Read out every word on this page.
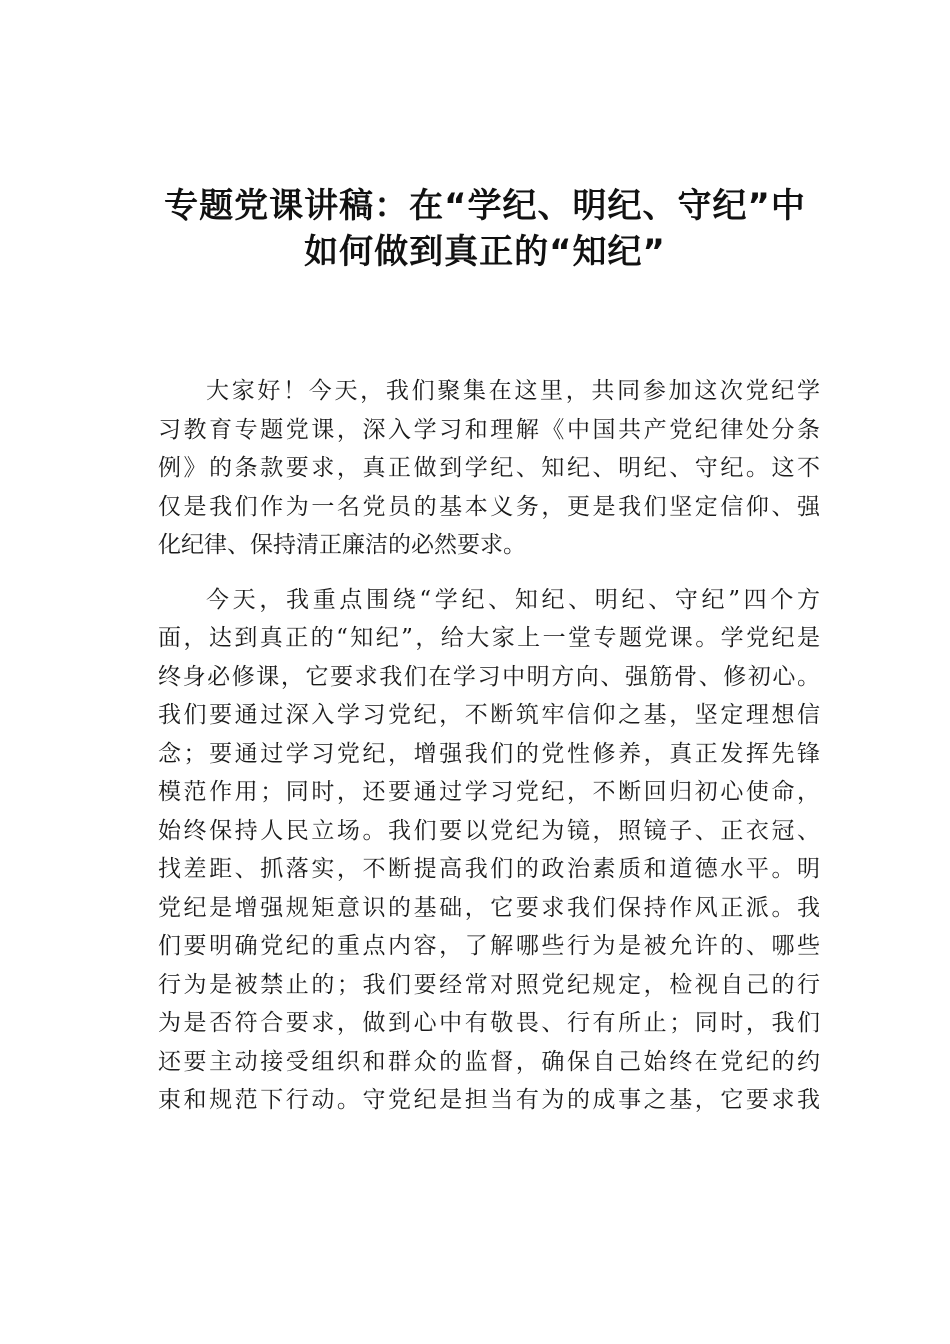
专题党课讲稿：在“学纪、明纪、守纪”中
如何做到真正的“知纪”

大家好！今天，我们聚集在这里，共同参加这次党纪学
习教育专题党课，深入学习和理解《中国共产党纪律处分条
例》的条款要求，真正做到学纪、知纪、明纪、守纪。这不
仅是我们作为一名党员的基本义务，更是我们坚定信仰、强
化纪律、保持清正廉洁的必然要求。

今天，我重点围绕“学纪、知纪、明纪、守纪”四个方
面，达到真正的“知纪”，给大家上一堂专题党课。学党纪是
终身必修课，它要求我们在学习中明方向、强筋骨、修初心。
我们要通过深入学习党纪，不断筑牢信仰之基，坚定理想信
念；要通过学习党纪，增强我们的党性修养，真正发挥先锋
模范作用；同时，还要通过学习党纪，不断回归初心使命，
始终保持人民立场。我们要以党纪为镜，照镜子、正衣冠、
找差距、抓落实，不断提高我们的政治素质和道德水平。明
党纪是增强规矩意识的基础，它要求我们保持作风正派。我
们要明确党纪的重点内容，了解哪些行为是被允许的、哪些
行为是被禁止的；我们要经常对照党纪规定，检视自己的行
为是否符合要求，做到心中有敬畏、行有所止；同时，我们
还要主动接受组织和群众的监督，确保自己始终在党纪的约
束和规范下行动。守党纪是担当有为的成事之基，它要求我
